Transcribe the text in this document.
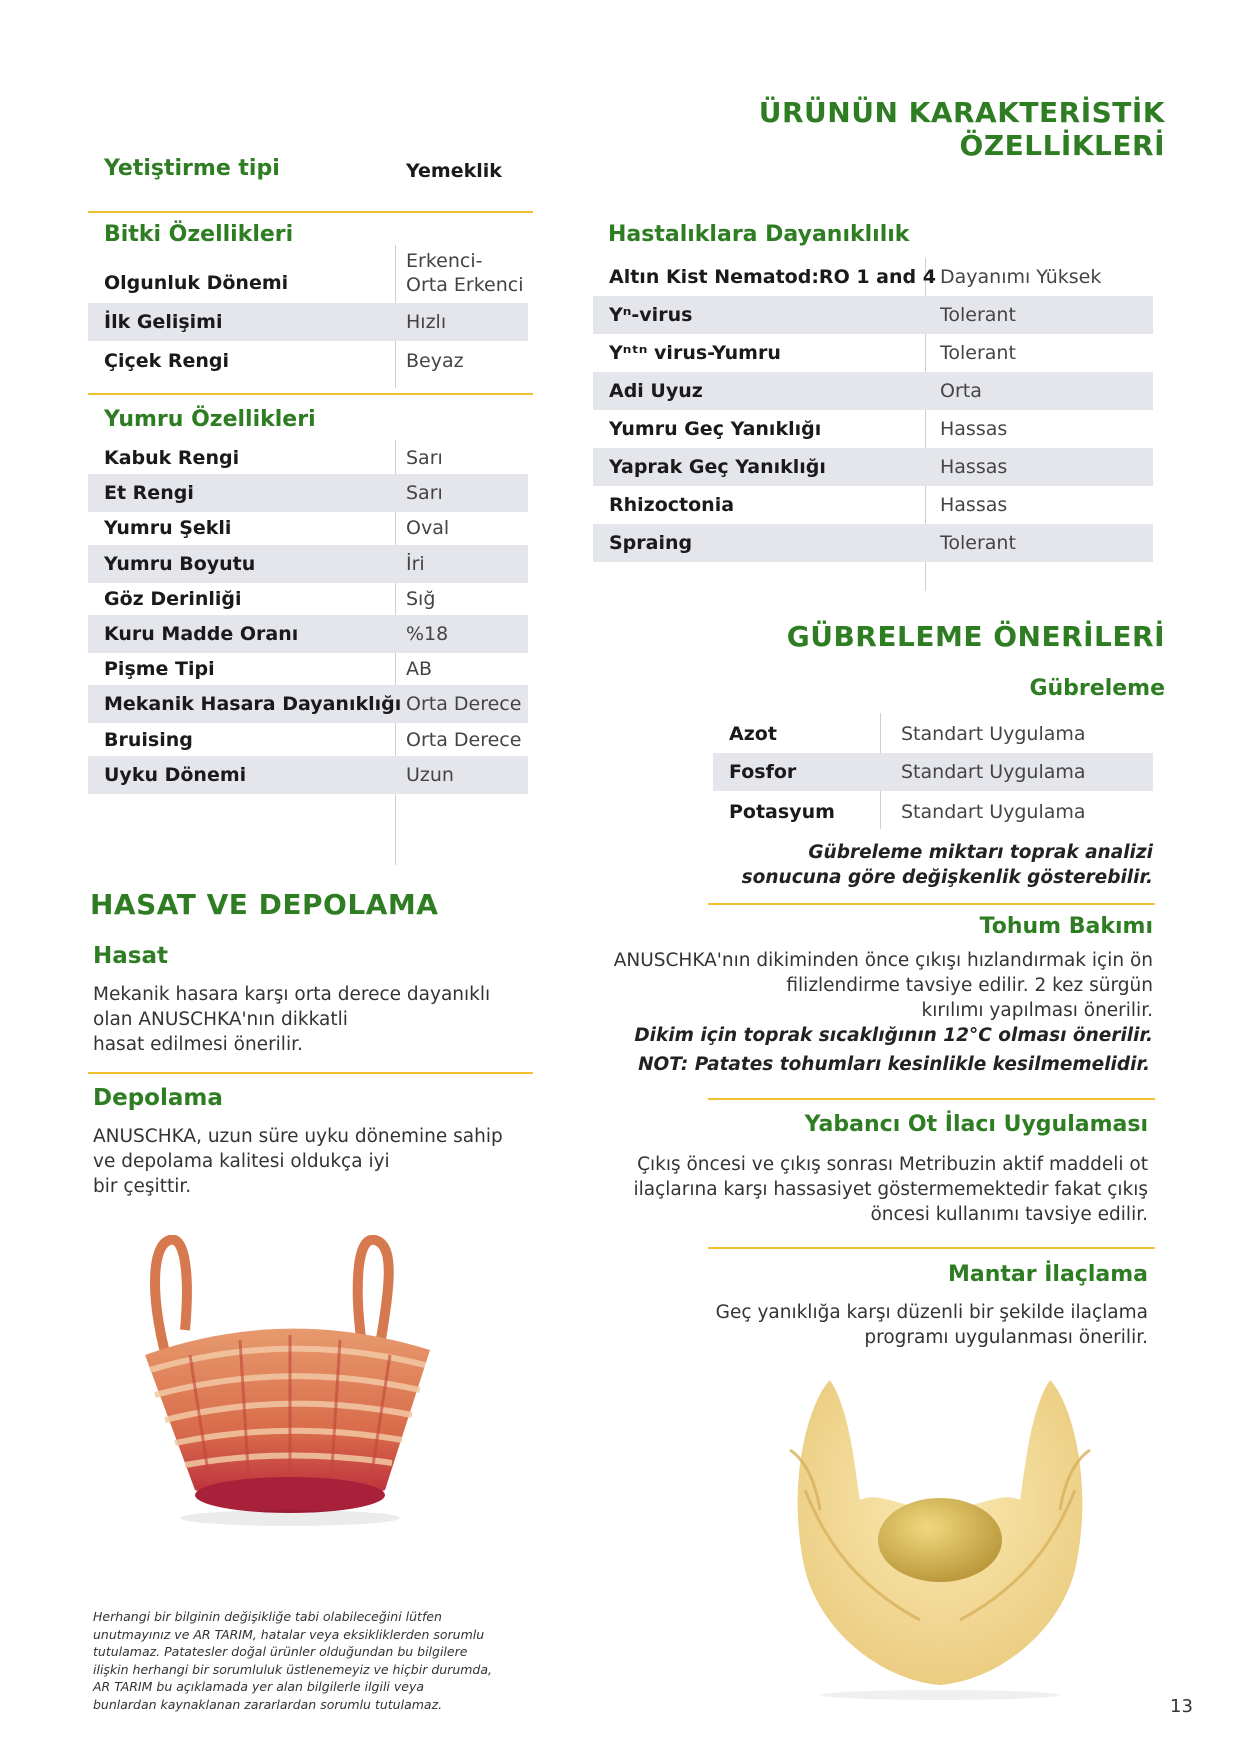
ÜRÜNÜN KARAKTERİSTİK ÖZELLİKLERİ
Yetiştirme tipi	Yemeklik
Bitki Özellikleri
Olgunluk Dönemi
Erkenci-
Orta Erkenci
İlk Gelişimi	Hızlı
Çiçek Rengi	Beyaz
Yumru Özellikleri
Kabuk Rengi	Sarı
Et Rengi	Sarı
Yumru Şekli	Oval
Yumru Boyutu	İri
Göz Derinliği	Sığ
Kuru Madde Oranı	%18
Pişme Tipi	AB
Mekanik Hasara Dayanıklığı Orta Derece
Bruising	Orta Derece
Uyku Dönemi	Uzun
Hastalıklara Dayanıklılık
Altın Kist Nematod:RO 1 and 4 Dayanımı Yüksek
Yⁿ-virus	Tolerant
Yⁿᵗⁿ virus-Yumru	Tolerant
Adi Uyuz	Orta
Yumru Geç Yanıklığı	Hassas
Yaprak Geç Yanıklığı	Hassas
Rhizoctonia	Hassas
Spraing	Tolerant
HASAT VE DEPOLAMA
Hasat
Mekanik hasara karşı orta derece dayanıklı
olan ANUSCHKA'nın dikkatli
hasat edilmesi önerilir.
Depolama
ANUSCHKA, uzun süre uyku dönemine sahip
ve depolama kalitesi oldukça iyi
bir çeşittir.
Herhangi bir bilginin değişikliğe tabi olabileceğini lütfen
unutmayınız ve AR TARIM, hatalar veya eksikliklerden sorumlu
tutulamaz. Patatesler doğal ürünler olduğundan bu bilgilere
ilişkin herhangi bir sorumluluk üstlenemeyiz ve hiçbir durumda,
AR TARIM bu açıklamada yer alan bilgilerle ilgili veya
bunlardan kaynaklanan zararlardan sorumlu tutulamaz.
GÜBRELEME ÖNERİLERİ
Gübreleme
Azot	Standart Uygulama
Fosfor	Standart Uygulama
Potasyum	Standart Uygulama
Gübreleme miktarı toprak analizi
sonucuna göre değişkenlik gösterebilir.
Tohum Bakımı
ANUSCHKA'nın dikiminden önce çıkışı hızlandırmak için ön
filizlendirme tavsiye edilir. 2 kez sürgün
kırılımı yapılması önerilir.
Dikim için toprak sıcaklığının 12°C olması önerilir.
NOT: Patates tohumları kesinlikle kesilmemelidir.
Yabancı Ot İlacı Uygulaması
Çıkış öncesi ve çıkış sonrası Metribuzin aktif maddeli ot
ilaçlarına karşı hassasiyet göstermemektedir fakat çıkış
öncesi kullanımı tavsiye edilir.
Mantar İlaçlama
Geç yanıklığa karşı düzenli bir şekilde ilaçlama
programı uygulanması önerilir.
13
